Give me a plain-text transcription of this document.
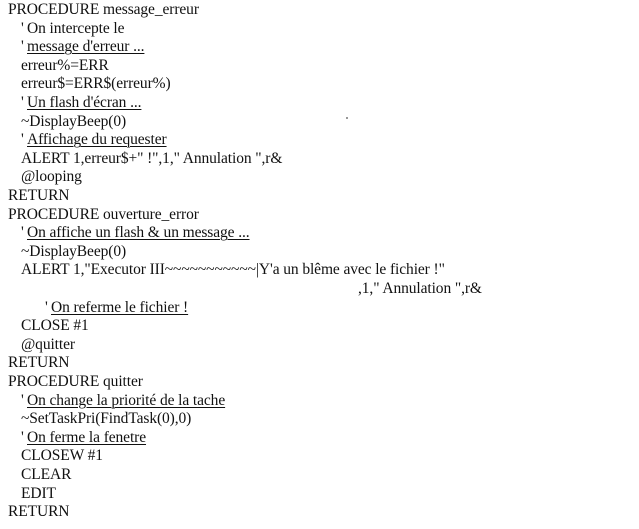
PROCEDURE message_erreur
' On intercepte le
' message d'erreur ...
erreur%=ERR
erreur$=ERR$(erreur%)
' Un flash d'écran ...
~DisplayBeep(0)
' Affichage du requester
ALERT 1,erreur$+" !",1," Annulation ",r&
@looping
RETURN
PROCEDURE ouverture_error
' On affiche un flash & un message ...
~DisplayBeep(0)
ALERT 1,"Executor III~~~~~~~~~~~|Y'a un blême avec le fichier !"
,1," Annulation ",r&
' On referme le fichier !
CLOSE #1
@quitter
RETURN
PROCEDURE quitter
' On change la priorité de la tache
~SetTaskPri(FindTask(0),0)
' On ferme la fenetre
CLOSEW #1
CLEAR
EDIT
RETURN
